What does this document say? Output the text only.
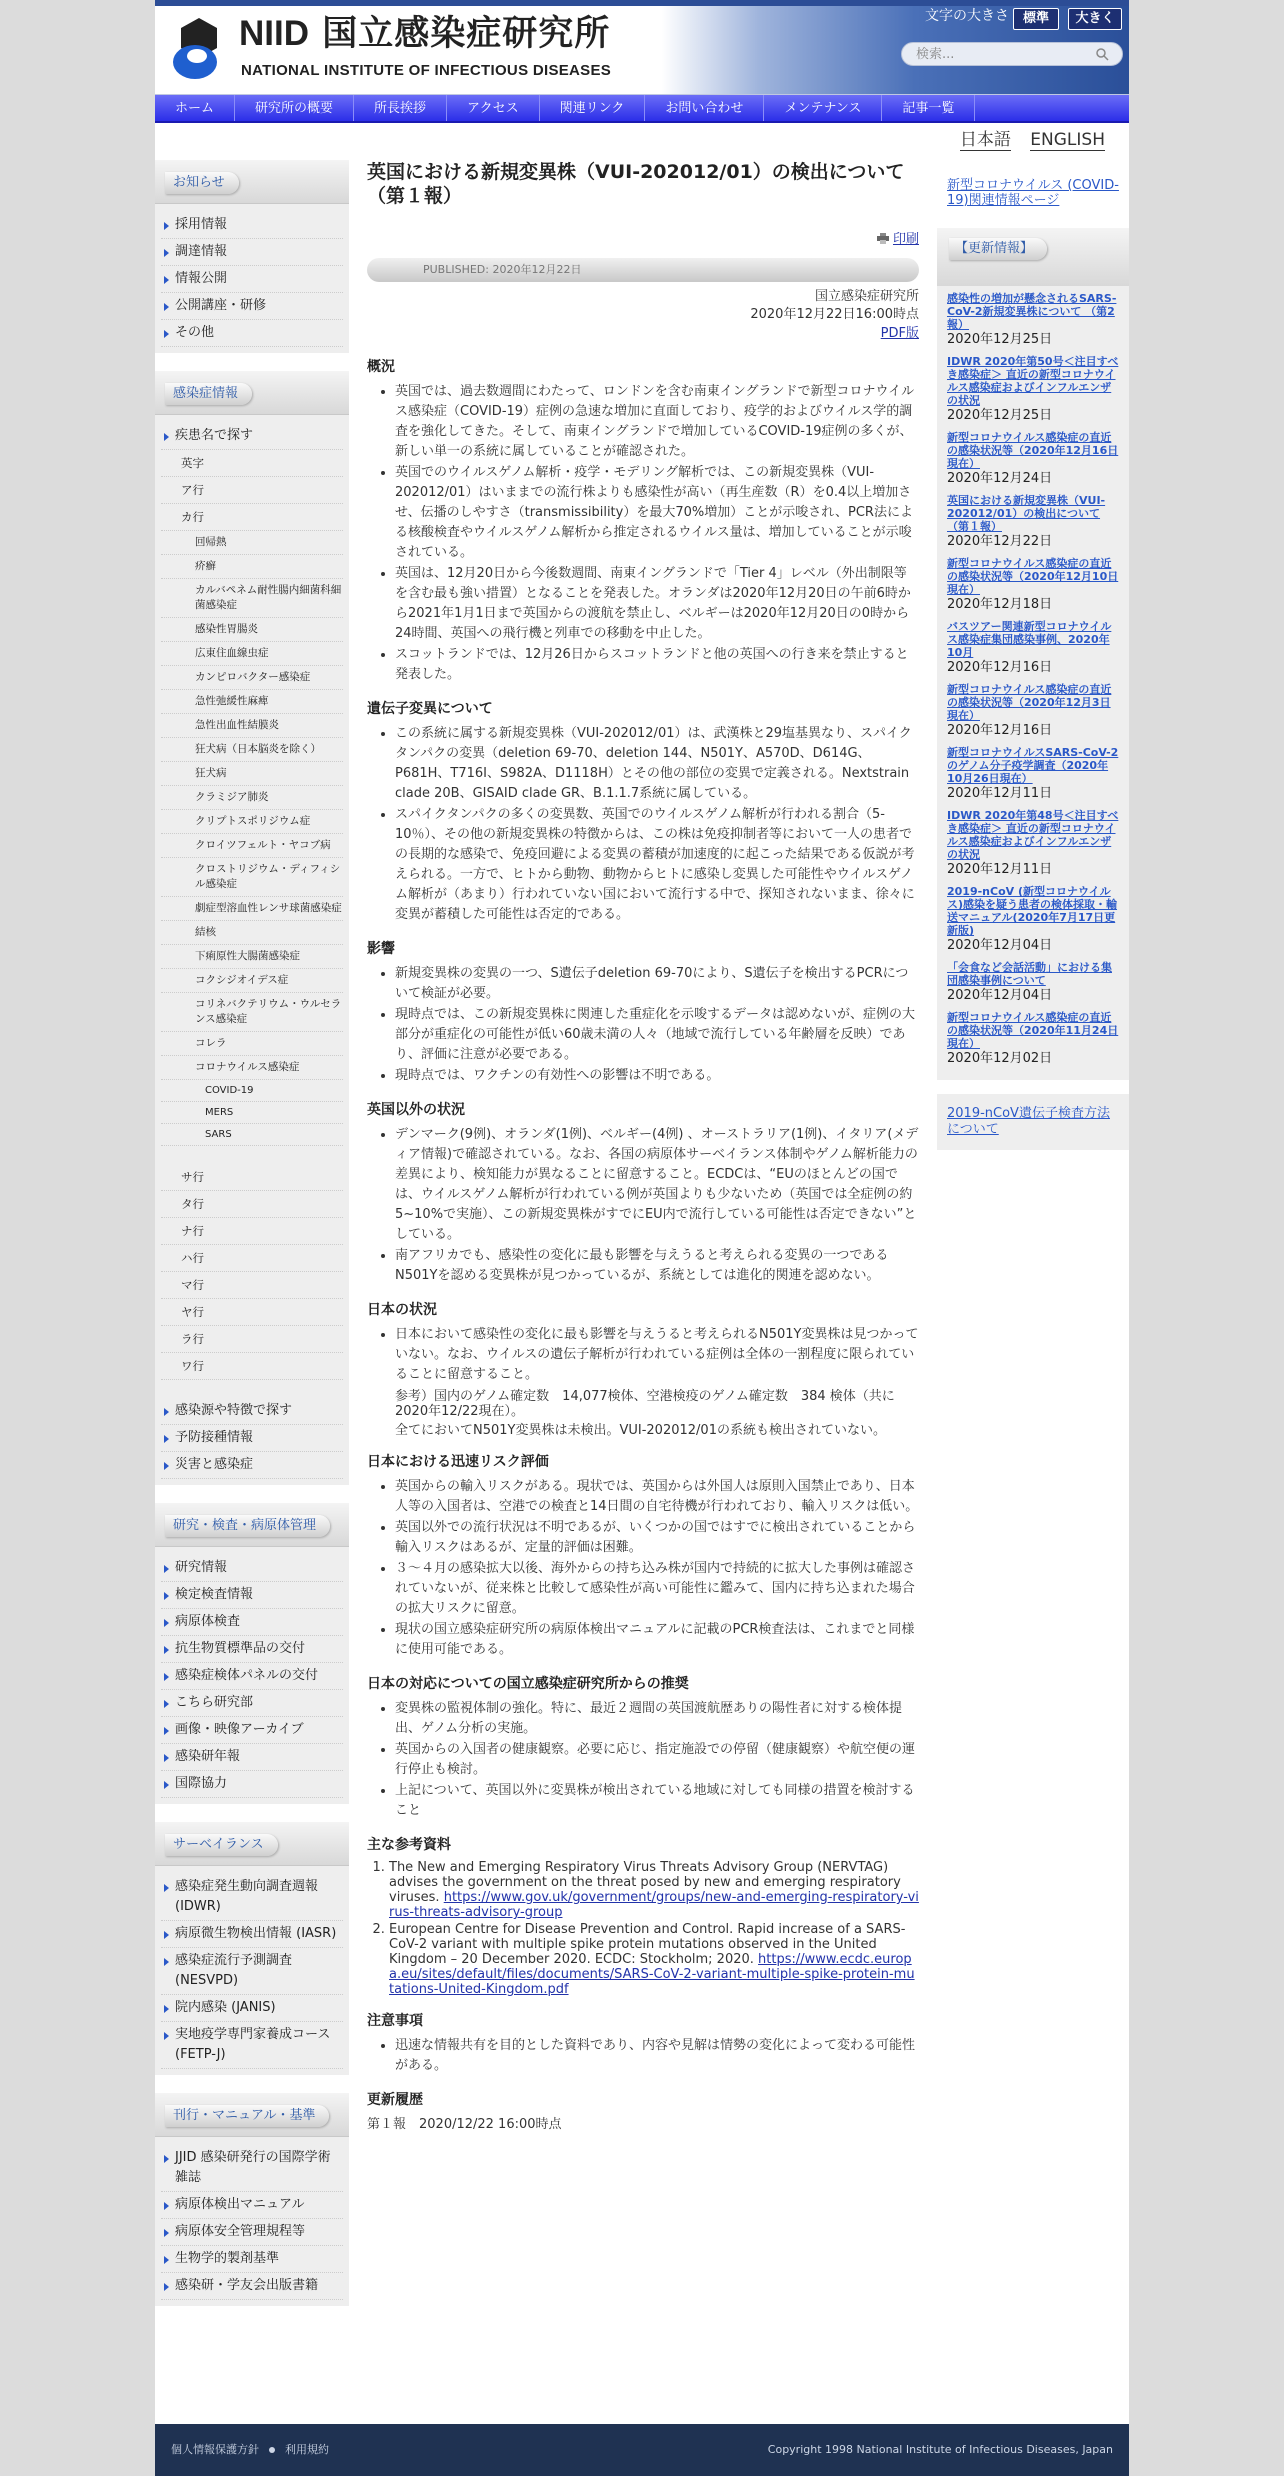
NIID 国立感染症研究所
NATIONAL INSTITUTE OF INFECTIOUS DISEASES
文字の大きさ	標準	大きく
検索...
ホーム	研究所の概要	所長挨拶	アクセス	関連リンク	お問い合わせ	メンテナンス	記事一覧
日本語 ENGLISH
お知らせ
採用情報
調達情報
情報公開
公開講座・研修
その他
感染症情報
疾患名で探す
英字
ア行
カ行
回帰熱
疥癬
カルバペネム耐性腸内細菌科細菌感染症
感染性胃腸炎
広東住血線虫症
カンピロバクター感染症
急性弛緩性麻痺
急性出血性結膜炎
狂犬病（日本脳炎を除く）
狂犬病
クラミジア肺炎
クリプトスポリジウム症
クロイツフェルト・ヤコブ病
クロストリジウム・ディフィシル感染症
劇症型溶血性レンサ球菌感染症
結核
下痢原性大腸菌感染症
コクシジオイデス症
コリネバクテリウム・ウルセランス感染症
コレラ
コロナウイルス感染症
COVID-19
MERS
SARS
サ行
タ行
ナ行
ハ行
マ行
ヤ行
ラ行
ワ行
感染源や特徴で探す
予防接種情報
災害と感染症
研究・検査・病原体管理
研究情報
検定検査情報
病原体検査
抗生物質標準品の交付
感染症検体パネルの交付
こちら研究部
画像・映像アーカイブ
感染研年報
国際協力
サーベイランス
感染症発生動向調査週報 (IDWR)
病原微生物検出情報 (IASR)
感染症流行予測調査 (NESVPD)
院内感染 (JANIS)
実地疫学専門家養成コース (FETP-J)
刊行・マニュアル・基準
JJID 感染研発行の国際学術雑誌
病原体検出マニュアル
病原体安全管理規程等
生物学的製剤基準
感染研・学友会出版書籍
英国における新規変異株（VUI-202012/01）の検出について （第１報）
印刷
PUBLISHED: 2020年12月22日
国立感染症研究所
2020年12月22日16:00時点
PDF版
概況
• 英国では、過去数週間にわたって、ロンドンを含む南東イングランドで新型コロナウイルス感染症（COVID-19）症例の急速な増加に直面しており、疫学的およびウイルス学的調査を強化してきた。そして、南東イングランドで増加しているCOVID-19症例の多くが、新しい単一の系統に属していることが確認された。
• 英国でのウイルスゲノム解析・疫学・モデリング解析では、この新規変異株（VUI-202012/01）はいままでの流行株よりも感染性が高い（再生産数（R）を0.4以上増加させ、伝播のしやすさ（transmissibility）を最大70%増加）ことが示唆され、PCR法による核酸検査やウイルスゲノム解析から推定されるウイルス量は、増加していることが示唆されている。
• 英国は、12月20日から今後数週間、南東イングランドで「Tier 4」レベル（外出制限等を含む最も強い措置）となることを発表した。オランダは2020年12月20日の午前6時から2021年1月1日まで英国からの渡航を禁止し、ベルギーは2020年12月20日の0時から24時間、英国への飛行機と列車での移動を中止した。
• スコットランドでは、12月26日からスコットランドと他の英国への行き来を禁止すると発表した。
遺伝子変異について
• この系統に属する新規変異株（VUI-202012/01）は、武漢株と29塩基異なり、スパイクタンパクの変異（deletion 69-70、deletion 144、N501Y、A570D、D614G、P681H、T716I、S982A、D1118H）とその他の部位の変異で定義される。Nextstrain clade 20B、GISAID clade GR、B.1.1.7系統に属している。
• スパイクタンパクの多くの変異数、英国でのウイルスゲノム解析が行われる割合（5-10％）、その他の新規変異株の特徴からは、この株は免疫抑制者等において一人の患者での長期的な感染で、免疫回避による変異の蓄積が加速度的に起こった結果である仮説が考えられる。一方で、ヒトから動物、動物からヒトに感染し変異した可能性やウイルスゲノム解析が（あまり）行われていない国において流行する中で、探知されないまま、徐々に変異が蓄積した可能性は否定的である。
影響
• 新規変異株の変異の一つ、S遺伝子deletion 69-70により、S遺伝子を検出するPCRについて検証が必要。
• 現時点では、この新規変異株に関連した重症化を示唆するデータは認めないが、症例の大部分が重症化の可能性が低い60歳未満の人々（地域で流行している年齢層を反映）であり、評価に注意が必要である。
• 現時点では、ワクチンの有効性への影響は不明である。
英国以外の状況
• デンマーク(9例)、オランダ(1例)、ベルギー(4例) 、オーストラリア(1例)、イタリア(メディア情報)で確認されている。なお、各国の病原体サーベイランス体制やゲノム解析能力の差異により、検知能力が異なることに留意すること。ECDCは、“EUのほとんどの国では、ウイルスゲノム解析が行われている例が英国よりも少ないため（英国では全症例の約5~10%で実施）、この新規変異株がすでにEU内で流行している可能性は否定できない”としている。
• 南アフリカでも、感染性の変化に最も影響を与えうると考えられる変異の一つであるN501Yを認める変異株が見つかっているが、系統としては進化的関連を認めない。
日本の状況
• 日本において感染性の変化に最も影響を与えうると考えられるN501Y変異株は見つかっていない。なお、ウイルスの遺伝子解析が行われている症例は全体の一割程度に限られていることに留意すること。
参考）国内のゲノム確定数　14,077検体、空港検疫のゲノム確定数　384 検体（共に2020年12/22現在）。
全てにおいてN501Y変異株は未検出。VUI-202012/01の系統も検出されていない。
日本における迅速リスク評価
• 英国からの輸入リスクがある。現状では、英国からは外国人は原則入国禁止であり、日本人等の入国者は、空港での検査と14日間の自宅待機が行われており、輸入リスクは低い。
• 英国以外での流行状況は不明であるが、いくつかの国ではすでに検出されていることから輸入リスクはあるが、定量的評価は困難。
• ３～４月の感染拡大以後、海外からの持ち込み株が国内で持続的に拡大した事例は確認されていないが、従来株と比較して感染性が高い可能性に鑑みて、国内に持ち込まれた場合の拡大リスクに留意。
• 現状の国立感染症研究所の病原体検出マニュアルに記載のPCR検査法は、これまでと同様に使用可能である。
日本の対応についての国立感染症研究所からの推奨
• 変異株の監視体制の強化。特に、最近２週間の英国渡航歴ありの陽性者に対する検体提出、ゲノム分析の実施。
• 英国からの入国者の健康観察。必要に応じ、指定施設での停留（健康観察）や航空便の運行停止も検討。
• 上記について、英国以外に変異株が検出されている地域に対しても同様の措置を検討すること
主な参考資料
1. The New and Emerging Respiratory Virus Threats Advisory Group (NERVTAG) advises the government on the threat posed by new and emerging respiratory viruses. https://www.gov.uk/government/groups/new-and-emerging-respiratory-virus-threats-advisory-group
2. European Centre for Disease Prevention and Control. Rapid increase of a SARS-CoV-2 variant with multiple spike protein mutations observed in the United Kingdom – 20 December 2020. ECDC: Stockholm; 2020. https://www.ecdc.europa.eu/sites/default/files/documents/SARS-CoV-2-variant-multiple-spike-protein-mutations-United-Kingdom.pdf
注意事項
• 迅速な情報共有を目的とした資料であり、内容や見解は情勢の変化によって変わる可能性がある。
更新履歴
第１報　2020/12/22 16:00時点
新型コロナウイルス (COVID-19)関連情報ページ
【更新情報】
感染性の増加が懸念されるSARS-CoV-2新規変異株について （第2報）
2020年12月25日
IDWR 2020年第50号＜注目すべき感染症＞ 直近の新型コロナウイルス感染症およびインフルエンザの状況
2020年12月25日
新型コロナウイルス感染症の直近の感染状況等（2020年12月16日現在）
2020年12月24日
英国における新規変異株（VUI-202012/01）の検出について （第１報）
2020年12月22日
新型コロナウイルス感染症の直近の感染状況等（2020年12月10日現在）
2020年12月18日
バスツアー関連新型コロナウイルス感染症集団感染事例、2020年10月
2020年12月16日
新型コロナウイルス感染症の直近の感染状況等（2020年12月3日現在）
2020年12月16日
新型コロナウイルスSARS-CoV-2のゲノム分子疫学調査（2020年10月26日現在）
2020年12月11日
IDWR 2020年第48号＜注目すべき感染症＞ 直近の新型コロナウイルス感染症およびインフルエンザの状況
2020年12月11日
2019-nCoV (新型コロナウイルス)感染を疑う患者の検体採取・輸送マニュアル(2020年7月17日更新版)
2020年12月04日
「会食など会話活動」における集団感染事例について
2020年12月04日
新型コロナウイルス感染症の直近の感染状況等（2020年11月24日現在）
2020年12月02日
2019-nCoV遺伝子検査方法について
個人情報保護方針 利用規約	Copyright 1998 National Institute of Infectious Diseases, Japan
